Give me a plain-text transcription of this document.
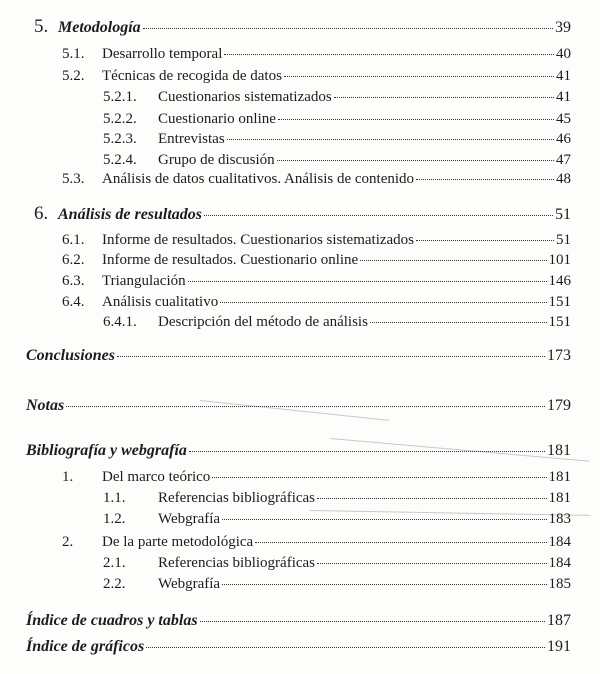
5. Metodología	39
5.1.	Desarrollo temporal	40
5.2.	Técnicas de recogida de datos	41
5.2.1.	Cuestionarios sistematizados	41
5.2.2.	Cuestionario online	45
5.2.3.	Entrevistas	46
5.2.4.	Grupo de discusión	47
5.3.	Análisis de datos cualitativos. Análisis de contenido	48
6. Análisis de resultados	51
6.1.	Informe de resultados. Cuestionarios sistematizados	51
6.2.	Informe de resultados. Cuestionario online	101
6.3.	Triangulación	146
6.4.	Análisis cualitativo	151
6.4.1.	Descripción del método de análisis	151
Conclusiones	173
Notas	179
Bibliografía y webgrafía	181
1.	Del marco teórico	181
1.1.	Referencias bibliográficas	181
1.2.	Webgrafía	183
2.	De la parte metodológica	184
2.1.	Referencias bibliográficas	184
2.2.	Webgrafía	185
Índice de cuadros y tablas	187
Índice de gráficos	191
